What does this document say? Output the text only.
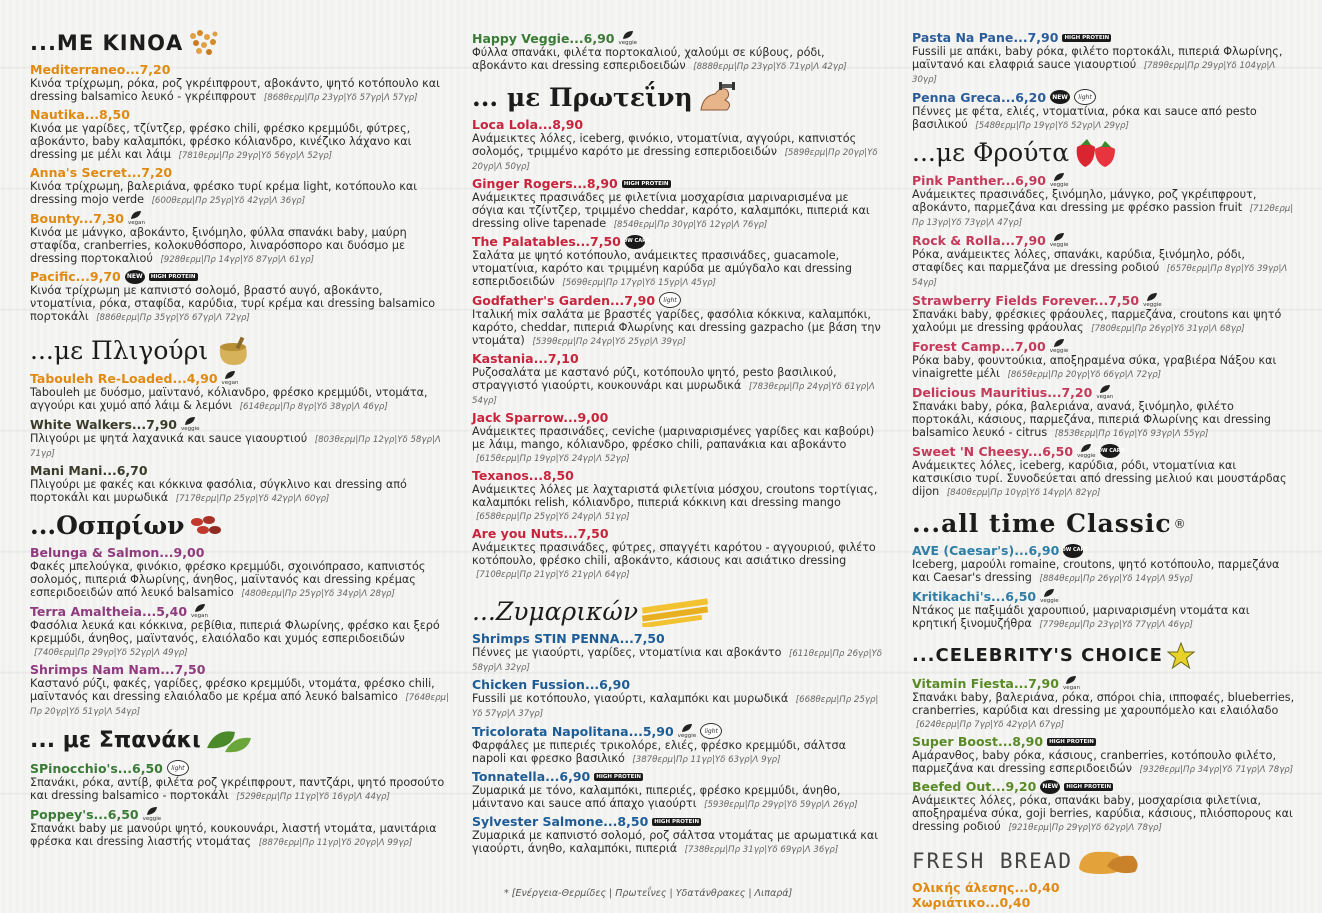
...ΜΕ ΚΙΝΟΑ
Mediterraneo...7,20
Κινόα τρίχρωμη, ρόκα, ροζ γκρέιπφρουτ, αβοκάντο, ψητό κοτόπουλο και dressing balsamico λευκό - γκρέιπφρουτ [868θερμ|Πρ 23γρ|Υδ 57γρ|Λ 57γρ]
Nautika...8,50
Κινόα με γαρίδες, τζίντζερ, φρέσκο chili, φρέσκο κρεμμύδι, φύτρες, αβοκάντο, baby καλαμπόκι, φρέσκο κόλιανδρο, κινέζικο λάχανο και dressing με μέλι και λάιμ [781θερμ|Πρ 29γρ|Υδ 56γρ|Λ 52γρ]
Anna's Secret...7,20
Κινόα τρίχρωμη, βαλεριάνα, φρέσκο τυρί κρέμα light, κοτόπουλο και dressing mojo verde [600θερμ|Πρ 25γρ|Υδ 42γρ|Λ 36γρ]
Bounty...7,30 vegan
Κινόα με μάνγκο, αβοκάντο, ξινόμηλο, φύλλα σπανάκι baby, μαύρη σταφίδα, cranberries, κολοκυθόσπορο, λιναρόσπορο και δυόσμο με dressing πορτοκαλιού [928θερμ|Πρ 14γρ|Υδ 87γρ|Λ 61γρ]
Pacific...9,70	NEW	HIGH PROTEIN
Κινόα τρίχρωμη με καπνιστό σολομό, βραστό αυγό, αβοκάντο, ντοματίνια, ρόκα, σταφίδα, καρύδια, τυρί κρέμα και dressing balsamico πορτοκάλι [886θερμ|Πρ 35γρ|Υδ 67γρ|Λ 72γρ]
...με Πλιγούρι
Tabouleh Re-Loaded...4,90 vegan
Tabouleh με δυόσμο, μαϊντανό, κόλιανδρο, φρέσκο κρεμμύδι, ντομάτα, αγγούρι και χυμό από λάιμ & λεμόνι [614θερμ|Πρ 8γρ|Υδ 38γρ|Λ 46γρ]
White Walkers...7,90 veggie
Πλιγούρι με ψητά λαχανικά και sauce γιαουρτιού [803θερμ|Πρ 12γρ|Υδ 58γρ|Λ 71γρ]
Mani Mani...6,70
Πλιγούρι με φακές και κόκκινα φασόλια, σύγκλινο και dressing από πορτοκάλι και μυρωδικά [717θερμ|Πρ 25γρ|Υδ 42γρ|Λ 60γρ]
...Οσπρίων
Belunga & Salmon...9,00
Φακές μπελούγκα, φινόκιο, φρέσκο κρεμμύδι, σχοινόπρασο, καπνιστός σολομός, πιπεριά Φλωρίνης, άνηθος, μαϊντανός και dressing κρέμας εσπεριδοειδών από λευκό balsamico [480θερμ|Πρ 25γρ|Υδ 34γρ|Λ 28γρ]
Terra Amaltheia...5,40 vegan
Φασόλια λευκά και κόκκινα, ρεβίθια, πιπεριά Φλωρίνης, φρέσκο και ξερό κρεμμύδι, άνηθος, μαϊντανός, ελαιόλαδο και χυμός εσπεριδοειδών [740θερμ|Πρ 29γρ|Υδ 52γρ|Λ 49γρ]
Shrimps Nam Nam...7,50
Καστανό ρύζι, φακές, γαρίδες, φρέσκο κρεμμύδι, ντομάτα, φρέσκο chili, μαϊντανός και dressing ελαιόλαδο με κρέμα από λευκό balsamico [764θερμ|Πρ 20γρ|Υδ 51γρ|Λ 54γρ]
... με Σπανάκι
SPinocchio's...6,50	light
Σπανάκι, ρόκα, αντίβ, φιλέτα ροζ γκρέιπφρουτ, παντζάρι, ψητό προσούτο και dressing balsamico - πορτοκάλι [529θερμ|Πρ 11γρ|Υδ 16γρ|Λ 44γρ]
Poppey's...6,50 veggie
Σπανάκι baby με μανούρι ψητό, κουκουνάρι, λιαστή ντομάτα, μανιτάρια φρέσκα και dressing λιαστής ντομάτας [887θερμ|Πρ 11γρ|Υδ 20γρ|Λ 99γρ]
Happy Veggie...6,90 veggie
Φύλλα σπανάκι, φιλέτα πορτοκαλιού, χαλούμι σε κύβους, ρόδι, αβοκάντο και dressing εσπεριδοειδών [888θερμ|Πρ 23γρ|Υδ 71γρ|Λ 42γρ]
... με Πρωτεΐνη
Loca Lola...8,90
Ανάμεικτες λόλες, iceberg, φινόκιο, ντοματίνια, αγγούρι, καπνιστός σολομός, τριμμένο καρότο με dressing εσπεριδοειδών [589θερμ|Πρ 20γρ|Υδ 20γρ|Λ 50γρ]
Ginger Rogers...8,90	HIGH PROTEIN
Ανάμεικτες πρασινάδες με φιλετίνια μοσχαρίσια μαριναρισμένα με σόγια και τζίντζερ, τριμμένο cheddar, καρότο, καλαμπόκι, πιπεριά και dressing olive tapenade [854θερμ|Πρ 30γρ|Υδ 12γρ|Λ 76γρ]
The Palatables...7,50 LOW CARB
Σαλάτα με ψητό κοτόπουλο, ανάμεικτες πρασινάδες, guacamole, ντοματίνια, καρότο και τριμμένη καρύδα με αμύγδαλο και dressing εσπεριδοειδών [569θερμ|Πρ 17γρ|Υδ 15γρ|Λ 45γρ]
Godfather's Garden...7,90	light
Ιταλική mix σαλάτα με βραστές γαρίδες, φασόλια κόκκινα, καλαμπόκι, καρότο, cheddar, πιπεριά Φλωρίνης και dressing gazpacho (με βάση την ντομάτα) [539θερμ|Πρ 24γρ|Υδ 25γρ|Λ 39γρ]
Kastania...7,10
Ρυζοσαλάτα με καστανό ρύζι, κοτόπουλο ψητό, pesto βασιλικού, στραγγιστό γιαούρτι, κουκουνάρι και μυρωδικά [783θερμ|Πρ 24γρ|Υδ 61γρ|Λ 54γρ]
Jack Sparrow...9,00
Ανάμεικτες πρασινάδες, ceviche (μαριναρισμένες γαρίδες και καβούρι) με λάιμ, mango, κόλιανδρο, φρέσκο chili, ραπανάκια και αβοκάντο [615θερμ|Πρ 19γρ|Υδ 24γρ|Λ 52γρ]
Texanos...8,50
Ανάμεικτες λόλες με λαχταριστά φιλετίνια μόσχου, croutons τορτίγιας, καλαμπόκι relish, κόλιανδρο, πιπεριά κόκκινη και dressing mango [658θερμ|Πρ 25γρ|Υδ 24γρ|Λ 51γρ]
Are you Nuts...7,50
Ανάμεικτες πρασινάδες, φύτρες, σπαγγέτι καρότου - αγγουριού, φιλέτο κοτόπουλο, φρέσκο chili, αβοκάντο, κάσιους και ασιάτικο dressing [710θερμ|Πρ 21γρ|Υδ 21γρ|Λ 64γρ]
...Ζυμαρικών
Shrimps STIN PENNA...7,50
Πέννες με γιαούρτι, γαρίδες, ντοματίνια και αβοκάντο [611θερμ|Πρ 26γρ|Υδ 58γρ|Λ 32γρ]
Chicken Fussion...6,90
Fussili με κοτόπουλο, γιαούρτι, καλαμπόκι και μυρωδικά [668θερμ|Πρ 25γρ|Υδ 57γρ|Λ 37γρ]
Tricolorata Napolitana...5,90 veggie
light
Φαρφάλες με πιπεριές τρικολόρε, ελιές, φρέσκο κρεμμύδι, σάλτσα napoli και φρεσκο βασιλικό [387θερμ|Πρ 11γρ|Υδ 63γρ|Λ 9γρ]
Tonnatella...6,90	HIGH PROTEIN
Ζυμαρικά με τόνο, καλαμπόκι, πιπεριές, φρέσκο κρεμμύδι, άνηθο, μάιντανο και sauce από άπαχο γιαούρτι [593θερμ|Πρ 29γρ|Υδ 59γρ|Λ 26γρ]
Sylvester Salmone...8,50	HIGH PROTEIN
Ζυμαρικά με καπνιστό σολομό, ροζ σάλτσα ντομάτας με αρωματικά και γιαούρτι, άνηθο, καλαμπόκι, πιπεριά [738θερμ|Πρ 31γρ|Υδ 69γρ|Λ 36γρ]
Pasta Na Pane...7,90	HIGH PROTEIN
Fussili με απάκι, baby ρόκα, φιλέτο πορτοκάλι, πιπεριά Φλωρίνης, μαϊντανό και ελαφριά sauce γιαουρτιού [789θερμ|Πρ 29γρ|Υδ 104γρ|Λ 30γρ]
Penna Greca...6,20	NEW	light
Πέννες με φέτα, ελιές, ντοματίνια, ρόκα και sauce από pesto βασιλικού [548θερμ|Πρ 19γρ|Υδ 52γρ|Λ 29γρ]
...με Φρούτα
Pink Panther...6,90 veggie
Ανάμεικτες πρασινάδες, ξινόμηλο, μάνγκο, ροζ γκρέιπφρουτ, αβοκάντο, παρμεζάνα και dressing με φρέσκο passion fruit [712θερμ|Πρ 13γρ|Υδ 73γρ|Λ 47γρ]
Rock & Rolla...7,90 veggie
Ρόκα, ανάμεικτες λόλες, σπανάκι, καρύδια, ξινόμηλο, ρόδι, σταφίδες και παρμεζάνα με dressing ροδιού [657θερμ|Πρ 8γρ|Υδ 39γρ|Λ 54γρ]
Strawberry Fields Forever...7,50 veggie
Σπανάκι baby, φρέσκιες φράουλες, παρμεζάνα, croutons και ψητό χαλούμι με dressing φράουλας [780θερμ|Πρ 26γρ|Υδ 31γρ|Λ 68γρ]
Forest Camp...7,00 veggie
Ρόκα baby, φουντούκια, αποξηραμένα σύκα, γραβιέρα Νάξου και vinaigrette μέλι [865θερμ|Πρ 20γρ|Υδ 66γρ|Λ 72γρ]
Delicious Mauritius...7,20 vegan
Σπανάκι baby, ρόκα, βαλεριάνα, ανανά, ξινόμηλο, φιλέτο πορτοκάλι, κάσιους, παρμεζάνα, πιπεριά Φλωρίνης και dressing balsamico λευκό - citrus [853θερμ|Πρ 16γρ|Υδ 93γρ|Λ 55γρ]
Sweet 'N Cheesy...6,50 veggie
LOW CARB
Ανάμεικτες λόλες, iceberg, καρύδια, ρόδι, ντοματίνια και κατσικίσιο τυρί. Συνοδεύεται από dressing μελιού και μουστάρδας dijon [840θερμ|Πρ 10γρ|Υδ 14γρ|Λ 82γρ]
...all time Classic ®
AVE (Caesar's)...6,90 LOW CARB
Iceberg, μαρούλι romaine, croutons, ψητό κοτόπουλο, παρμεζάνα και Caesar's dressing [884θερμ|Πρ 26γρ|Υδ 14γρ|Λ 95γρ]
Kritikachi's...6,50 veggie
Ντάκος με παξιμάδι χαρουπιού, μαριναρισμένη ντομάτα και κρητική ξινομυζήθρα [779θερμ|Πρ 23γρ|Υδ 77γρ|Λ 46γρ]
...CELEBRITY'S CHOICE
Vitamin Fiesta...7,90 vegan
Σπανάκι baby, βαλεριάνα, ρόκα, σπόροι chia, ιπποφαές, blueberries, cranberries, καρύδια και dressing με χαρουπόμελο και ελαιόλαδο [624θερμ|Πρ 7γρ|Υδ 42γρ|Λ 67γρ]
Super Boost...8,90	HIGH PROTEIN
Αμάρανθος, baby ρόκα, κάσιους, cranberries, κοτόπουλο φιλέτο, παρμεζάνα και dressing εσπεριδοειδών [932θερμ|Πρ 34γρ|Υδ 71γρ|Λ 78γρ]
Beefed Out...9,20	NEW	HIGH PROTEIN
Ανάμεικτες λόλες, ρόκα, σπανάκι baby, μοσχαρίσια φιλετίνια, αποξηραμένα σύκα, goji berries, καρύδια, κάσιους, πλιόσπορους και dressing ροδιού [921θερμ|Πρ 29γρ|Υδ 62γρ|Λ 78γρ]
FRESH BREAD
Ολικής άλεσης...0,40
Χωριάτικο...0,40
* [Ενέργεια-Θερμίδες | Πρωτεΐνες | Υδατάνθρακες | Λιπαρά]
